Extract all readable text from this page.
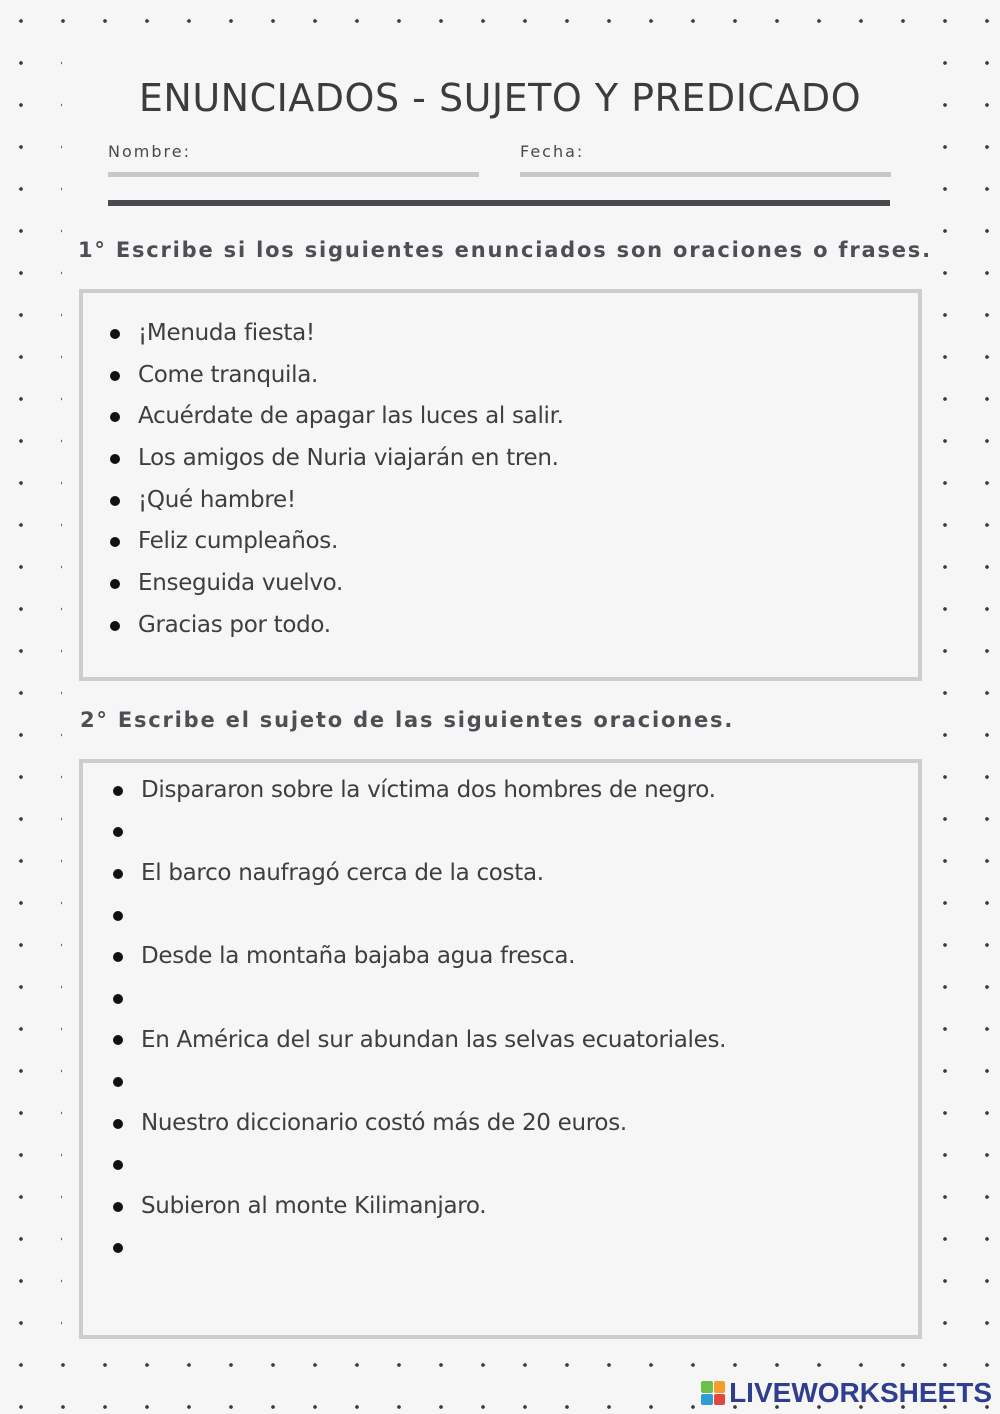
ENUNCIADOS - SUJETO Y PREDICADO
Nombre:	Fecha:
1° Escribe si los siguientes enunciados son oraciones o frases.
¡Menuda fiesta!
Come tranquila.
Acuérdate de apagar las luces al salir.
Los amigos de Nuria viajarán en tren.
¡Qué hambre!
Feliz cumpleaños.
Enseguida vuelvo.
Gracias por todo.
2° Escribe el sujeto de las siguientes oraciones.
Dispararon sobre la víctima dos hombres de negro.
El barco naufragó cerca de la costa.
Desde la montaña bajaba agua fresca.
En América del sur abundan las selvas ecuatoriales.
Nuestro diccionario costó más de 20 euros.
Subieron al monte Kilimanjaro.
LIVEWORKSHEETS
